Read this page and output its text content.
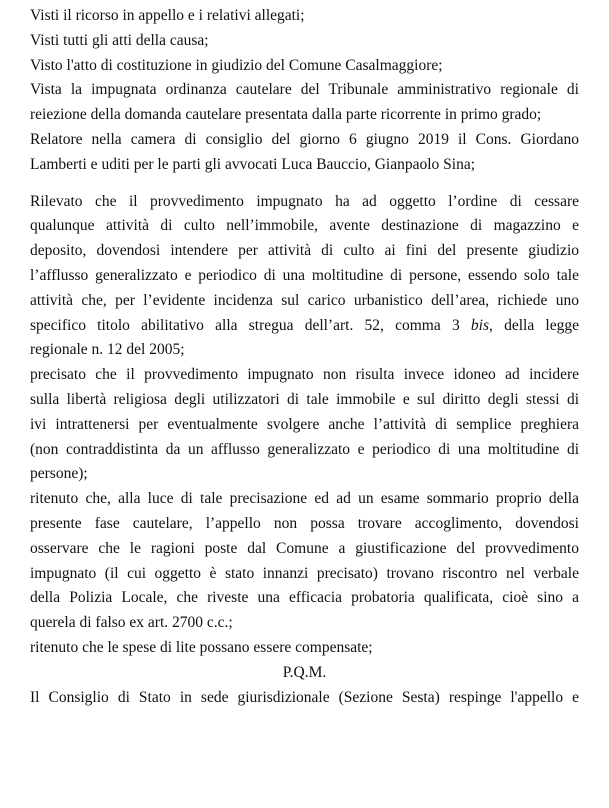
Visti il ricorso in appello e i relativi allegati;
Visti tutti gli atti della causa;
Visto l'atto di costituzione in giudizio del Comune Casalmaggiore;
Vista la impugnata ordinanza cautelare del Tribunale amministrativo regionale di
reiezione della domanda cautelare presentata dalla parte ricorrente in primo grado;
Relatore nella camera di consiglio del giorno 6 giugno 2019 il Cons. Giordano
Lamberti e uditi per le parti gli avvocati Luca Bauccio, Gianpaolo Sina;
Rilevato che il provvedimento impugnato ha ad oggetto l’ordine di cessare
qualunque attività di culto nell’immobile, avente destinazione di magazzino e
deposito, dovendosi intendere per attività di culto ai fini del presente giudizio
l’afflusso generalizzato e periodico di una moltitudine di persone, essendo solo tale
attività che, per l’evidente incidenza sul carico urbanistico dell’area, richiede uno
specifico titolo abilitativo alla stregua dell’art. 52, comma 3 bis, della legge
regionale n. 12 del 2005;
precisato che il provvedimento impugnato non risulta invece idoneo ad incidere
sulla libertà religiosa degli utilizzatori di tale immobile e sul diritto degli stessi di
ivi intrattenersi per eventualmente svolgere anche l’attività di semplice preghiera
(non contraddistinta da un afflusso generalizzato e periodico di una moltitudine di
persone);
ritenuto che, alla luce di tale precisazione ed ad un esame sommario proprio della
presente fase cautelare, l’appello non possa trovare accoglimento, dovendosi
osservare che le ragioni poste dal Comune a giustificazione del provvedimento
impugnato (il cui oggetto è stato innanzi precisato) trovano riscontro nel verbale
della Polizia Locale, che riveste una efficacia probatoria qualificata, cioè sino a
querela di falso ex art. 2700 c.c.;
ritenuto che le spese di lite possano essere compensate;
P.Q.M.
Il Consiglio di Stato in sede giurisdizionale (Sezione Sesta) respinge l'appello e
